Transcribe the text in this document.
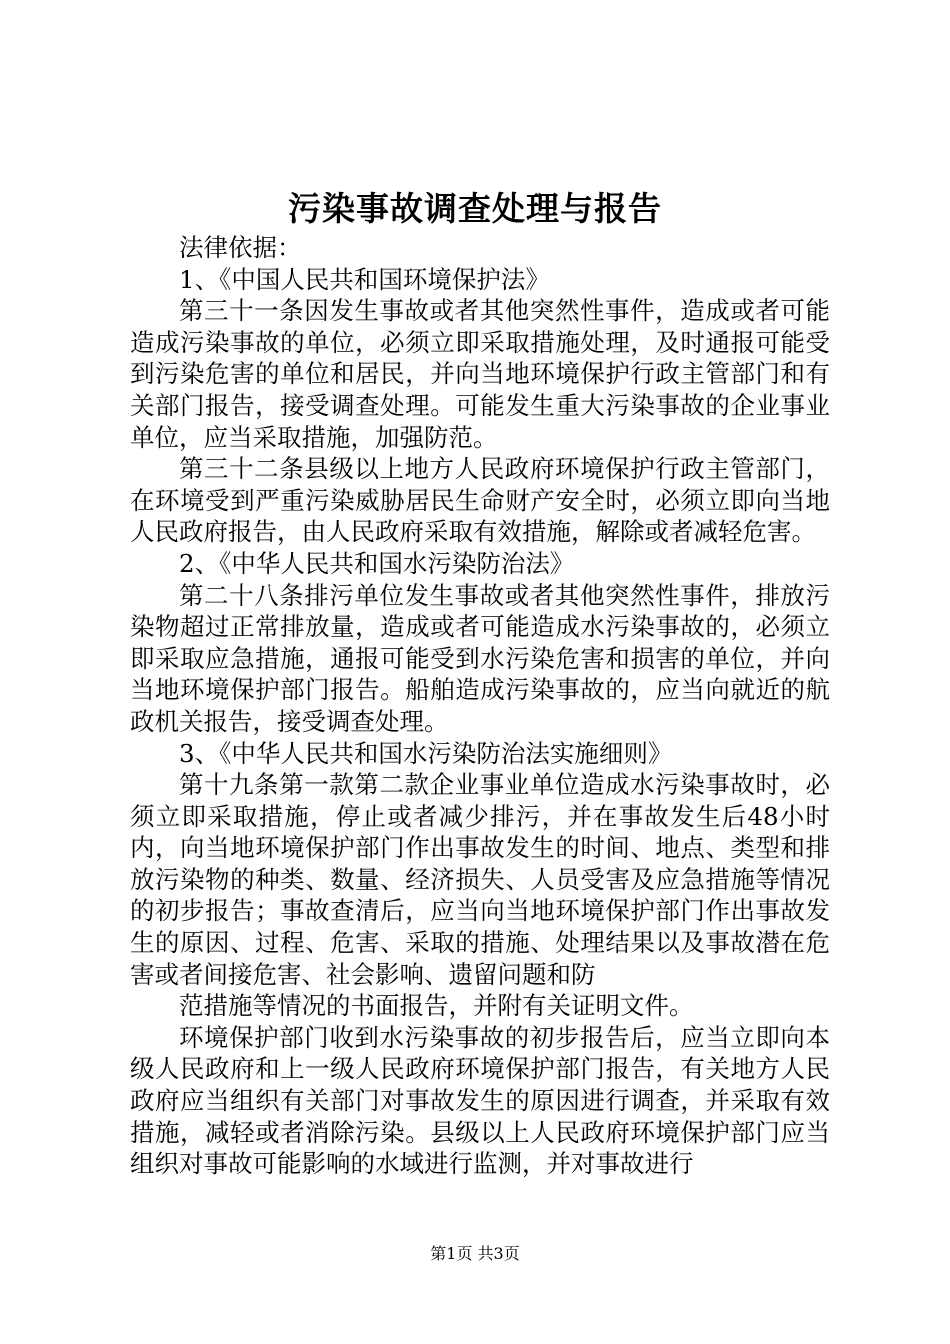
污染事故调查处理与报告

法律依据：

1、《中国人民共和国环境保护法》

第三十一条因发生事故或者其他突然性事件，造成或者可能造成污染事故的单位，必须立即采取措施处理，及时通报可能受到污染危害的单位和居民，并向当地环境保护行政主管部门和有关部门报告，接受调查处理。可能发生重大污染事故的企业事业单位，应当采取措施，加强防范。

第三十二条县级以上地方人民政府环境保护行政主管部门，在环境受到严重污染威胁居民生命财产安全时，必须立即向当地人民政府报告，由人民政府采取有效措施，解除或者减轻危害。

2、《中华人民共和国水污染防治法》

第二十八条排污单位发生事故或者其他突然性事件，排放污染物超过正常排放量，造成或者可能造成水污染事故的，必须立即采取应急措施，通报可能受到水污染危害和损害的单位，并向当地环境保护部门报告。船舶造成污染事故的，应当向就近的航政机关报告，接受调查处理。

3、《中华人民共和国水污染防治法实施细则》

第十九条第一款第二款企业事业单位造成水污染事故时，必须立即采取措施，停止或者减少排污，并在事故发生后48小时内，向当地环境保护部门作出事故发生的时间、地点、类型和排放污染物的种类、数量、经济损失、人员受害及应急措施等情况的初步报告；事故查清后，应当向当地环境保护部门作出事故发生的原因、过程、危害、采取的措施、处理结果以及事故潜在危害或者间接危害、社会影响、遗留问题和防

范措施等情况的书面报告，并附有关证明文件。

环境保护部门收到水污染事故的初步报告后，应当立即向本级人民政府和上一级人民政府环境保护部门报告，有关地方人民政府应当组织有关部门对事故发生的原因进行调查，并采取有效措施，减轻或者消除污染。县级以上人民政府环境保护部门应当组织对事故可能影响的水域进行监测，并对事故进行

第1页 共3页
